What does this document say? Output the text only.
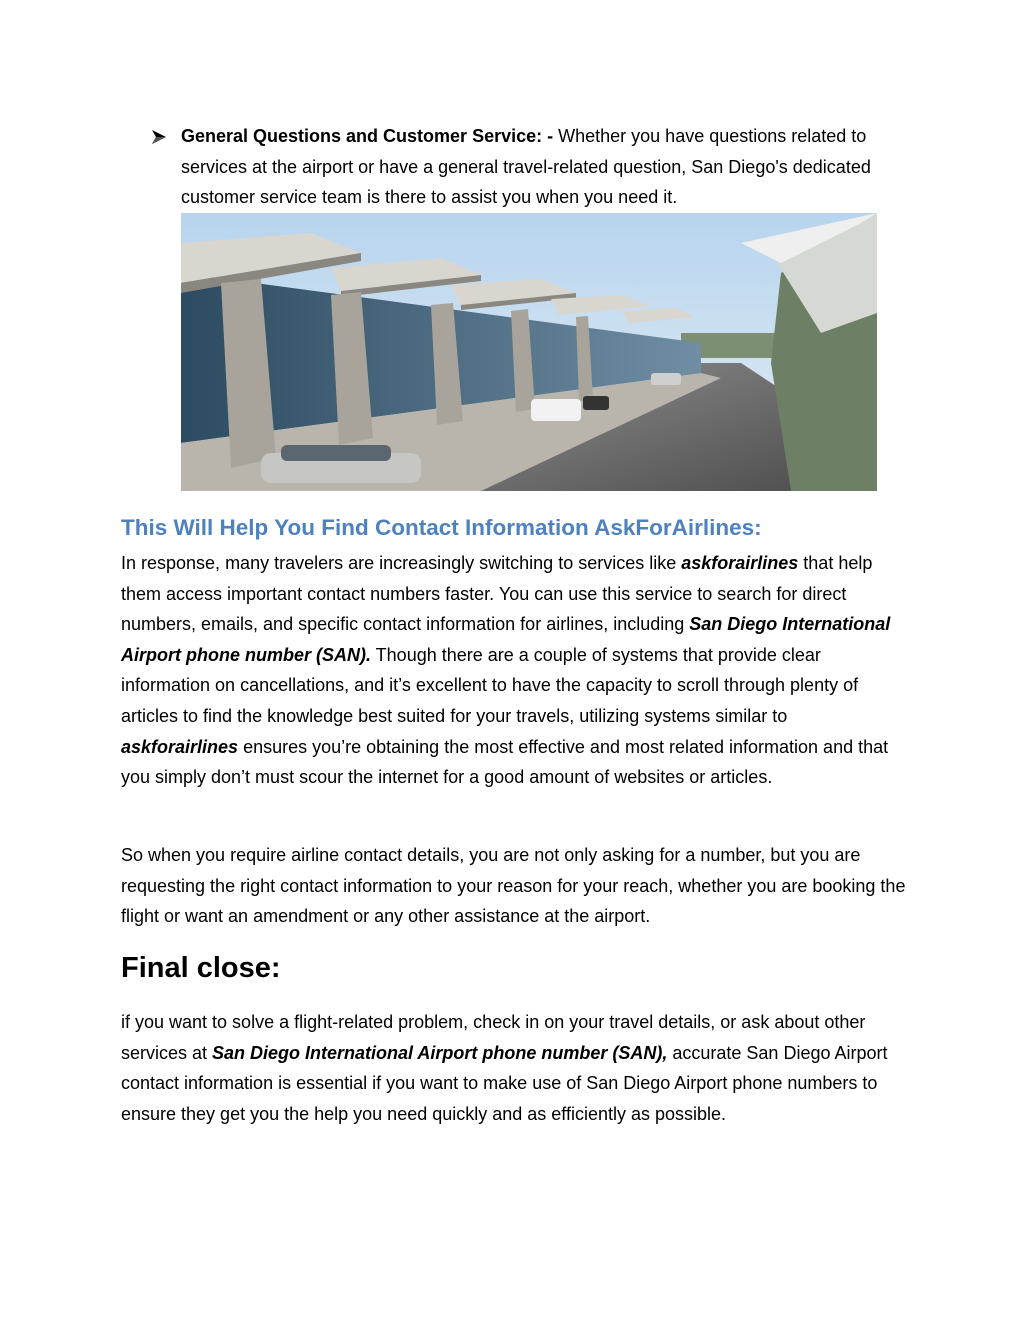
General Questions and Customer Service: - Whether you have questions related to services at the airport or have a general travel-related question, San Diego's dedicated customer service team is there to assist you when you need it.
This Will Help You Find Contact Information AskForAirlines:

In response, many travelers are increasingly switching to services like askforairlines that help them access important contact numbers faster. You can use this service to search for direct numbers, emails, and specific contact information for airlines, including San Diego International Airport phone number (SAN). Though there are a couple of systems that provide clear information on cancellations, and it’s excellent to have the capacity to scroll through plenty of articles to find the knowledge best suited for your travels, utilizing systems similar to askforairlines ensures you’re obtaining the most effective and most related information and that you simply don’t must scour the internet for a good amount of websites or articles.

So when you require airline contact details, you are not only asking for a number, but you are requesting the right contact information to your reason for your reach, whether you are booking the flight or want an amendment or any other assistance at the airport.

Final close:

if you want to solve a flight-related problem, check in on your travel details, or ask about other services at San Diego International Airport phone number (SAN), accurate San Diego Airport contact information is essential if you want to make use of San Diego Airport phone numbers to ensure they get you the help you need quickly and as efficiently as possible.
